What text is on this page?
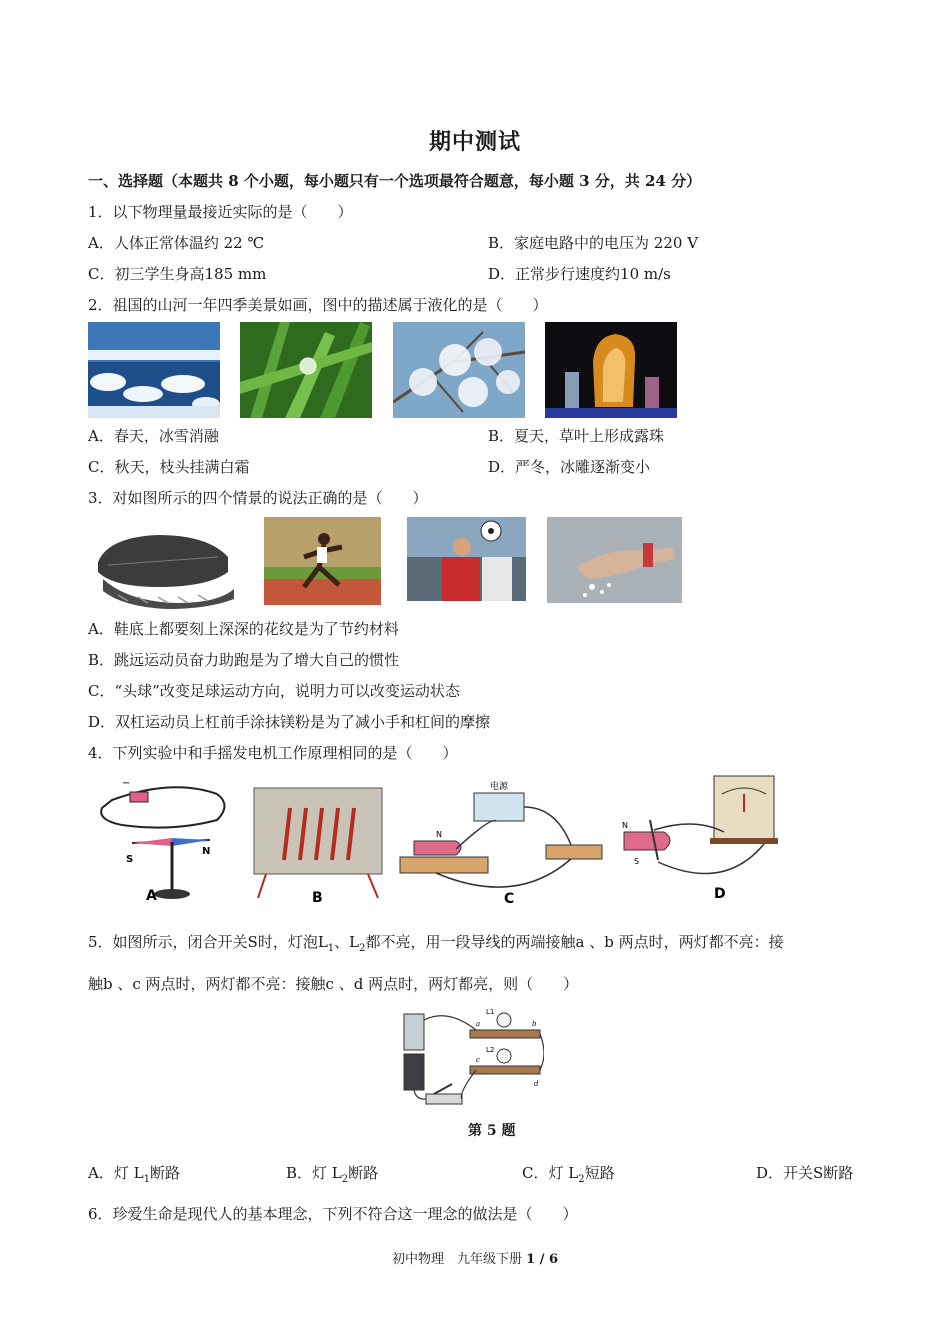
期中测试
一、选择题（本题共 8 个小题，每小题只有一个选项最符合题意，每小题 3 分，共 24 分）
1．以下物理量最接近实际的是（　　）
A．人体正常体温约 22 ℃	B．家庭电路中的电压为 220 V
C．初三学生身高185 mm	D．正常步行速度约10 m/s
2．祖国的山河一年四季美景如画，图中的描述属于液化的是（　　）
A．春天，冰雪消融	B．夏天，草叶上形成露珠
C．秋天，枝头挂满白霜	D．严冬，冰雕逐渐变小
3．对如图所示的四个情景的说法正确的是（　　）
A．鞋底上都要刻上深深的花纹是为了节约材料
B．跳远运动员奋力助跑是为了增大自己的惯性
C．“头球”改变足球运动方向，说明力可以改变运动状态
D．双杠运动员上杠前手涂抹镁粉是为了减小手和杠间的摩擦
4．下列实验中和手摇发电机工作原理相同的是（　　）
−
S
N
A	B
电源
N
C
N
S
D
5．如图所示，闭合开关S时，灯泡$L_1$、$L_2$都不亮，用一段导线的两端接触a 、b 两点时，两灯都不亮：接
触b 、c 两点时，两灯都不亮：接触c 、d 两点时，两灯都亮，则（　　）
L1
L2
a	b
c
d
第 5 题
A．灯 $L_1$断路	B．灯 $L_2$断路	C．灯 $L_2$短路	D．开关S断路
6．珍爱生命是现代人的基本理念，下列不符合这一理念的做法是（　　）
初中物理　九年级下册 1 / 6
